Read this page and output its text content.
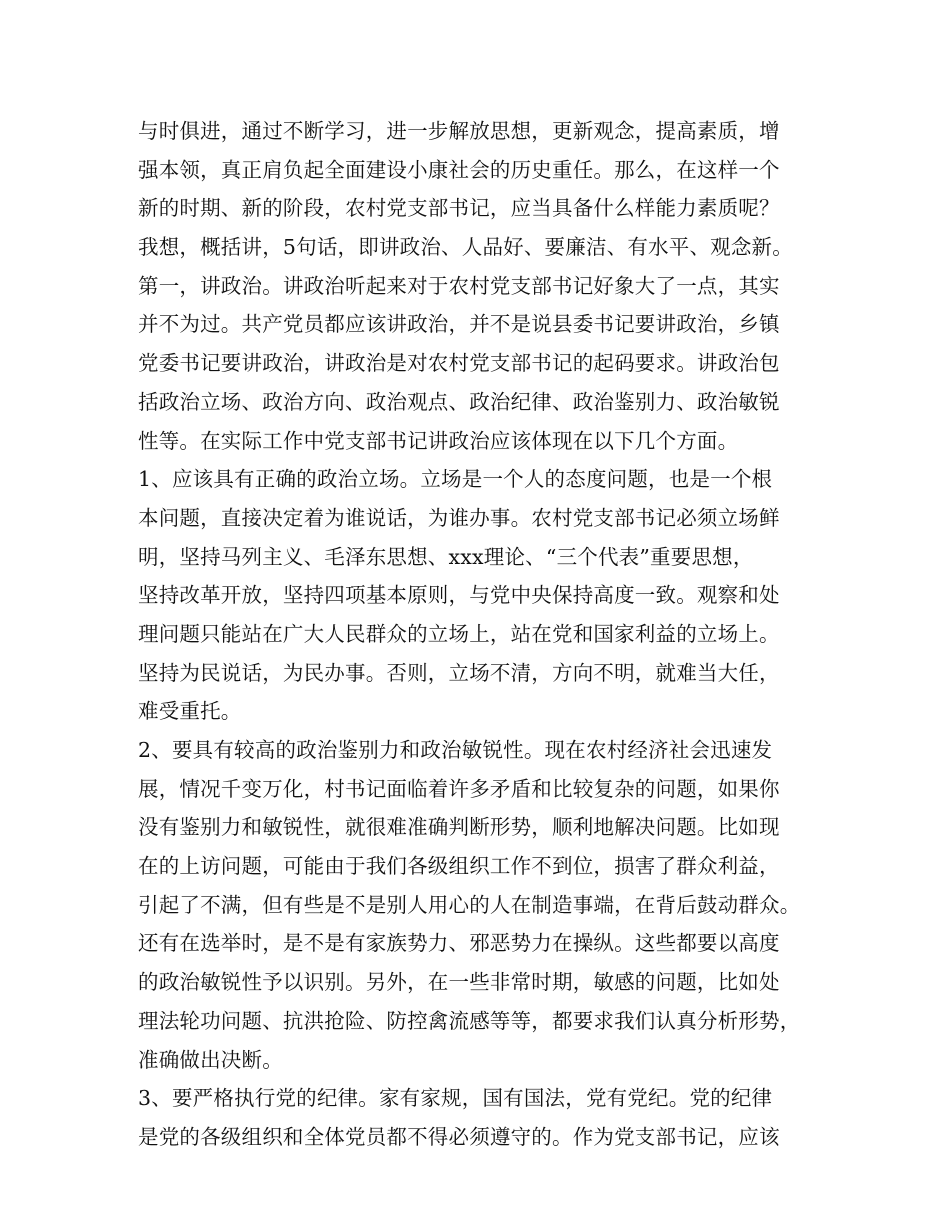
与时俱进，通过不断学习，进一步解放思想，更新观念，提高素质，增
强本领，真正肩负起全面建设小康社会的历史重任。那么，在这样一个
新的时期、新的阶段，农村党支部书记，应当具备什么样能力素质呢？
我想，概括讲，5句话，即讲政治、人品好、要廉洁、有水平、观念新。
第一，讲政治。讲政治听起来对于农村党支部书记好象大了一点，其实
并不为过。共产党员都应该讲政治，并不是说县委书记要讲政治，乡镇
党委书记要讲政治，讲政治是对农村党支部书记的起码要求。讲政治包
括政治立场、政治方向、政治观点、政治纪律、政治鉴别力、政治敏锐
性等。在实际工作中党支部书记讲政治应该体现在以下几个方面。
1、应该具有正确的政治立场。立场是一个人的态度问题，也是一个根
本问题，直接决定着为谁说话，为谁办事。农村党支部书记必须立场鲜
明，坚持马列主义、毛泽东思想、xxx理论、“三个代表”重要思想，
坚持改革开放，坚持四项基本原则，与党中央保持高度一致。观察和处
理问题只能站在广大人民群众的立场上，站在党和国家利益的立场上。
坚持为民说话，为民办事。否则，立场不清，方向不明，就难当大任，
难受重托。
2、要具有较高的政治鉴别力和政治敏锐性。现在农村经济社会迅速发
展，情况千变万化，村书记面临着许多矛盾和比较复杂的问题，如果你
没有鉴别力和敏锐性，就很难准确判断形势，顺利地解决问题。比如现
在的上访问题，可能由于我们各级组织工作不到位，损害了群众利益，
引起了不满，但有些是不是别人用心的人在制造事端，在背后鼓动群众。
还有在选举时，是不是有家族势力、邪恶势力在操纵。这些都要以高度
的政治敏锐性予以识别。另外，在一些非常时期，敏感的问题，比如处
理法轮功问题、抗洪抢险、防控禽流感等等，都要求我们认真分析形势，
准确做出决断。
3、要严格执行党的纪律。家有家规，国有国法，党有党纪。党的纪律
是党的各级组织和全体党员都不得必须遵守的。作为党支部书记，应该
